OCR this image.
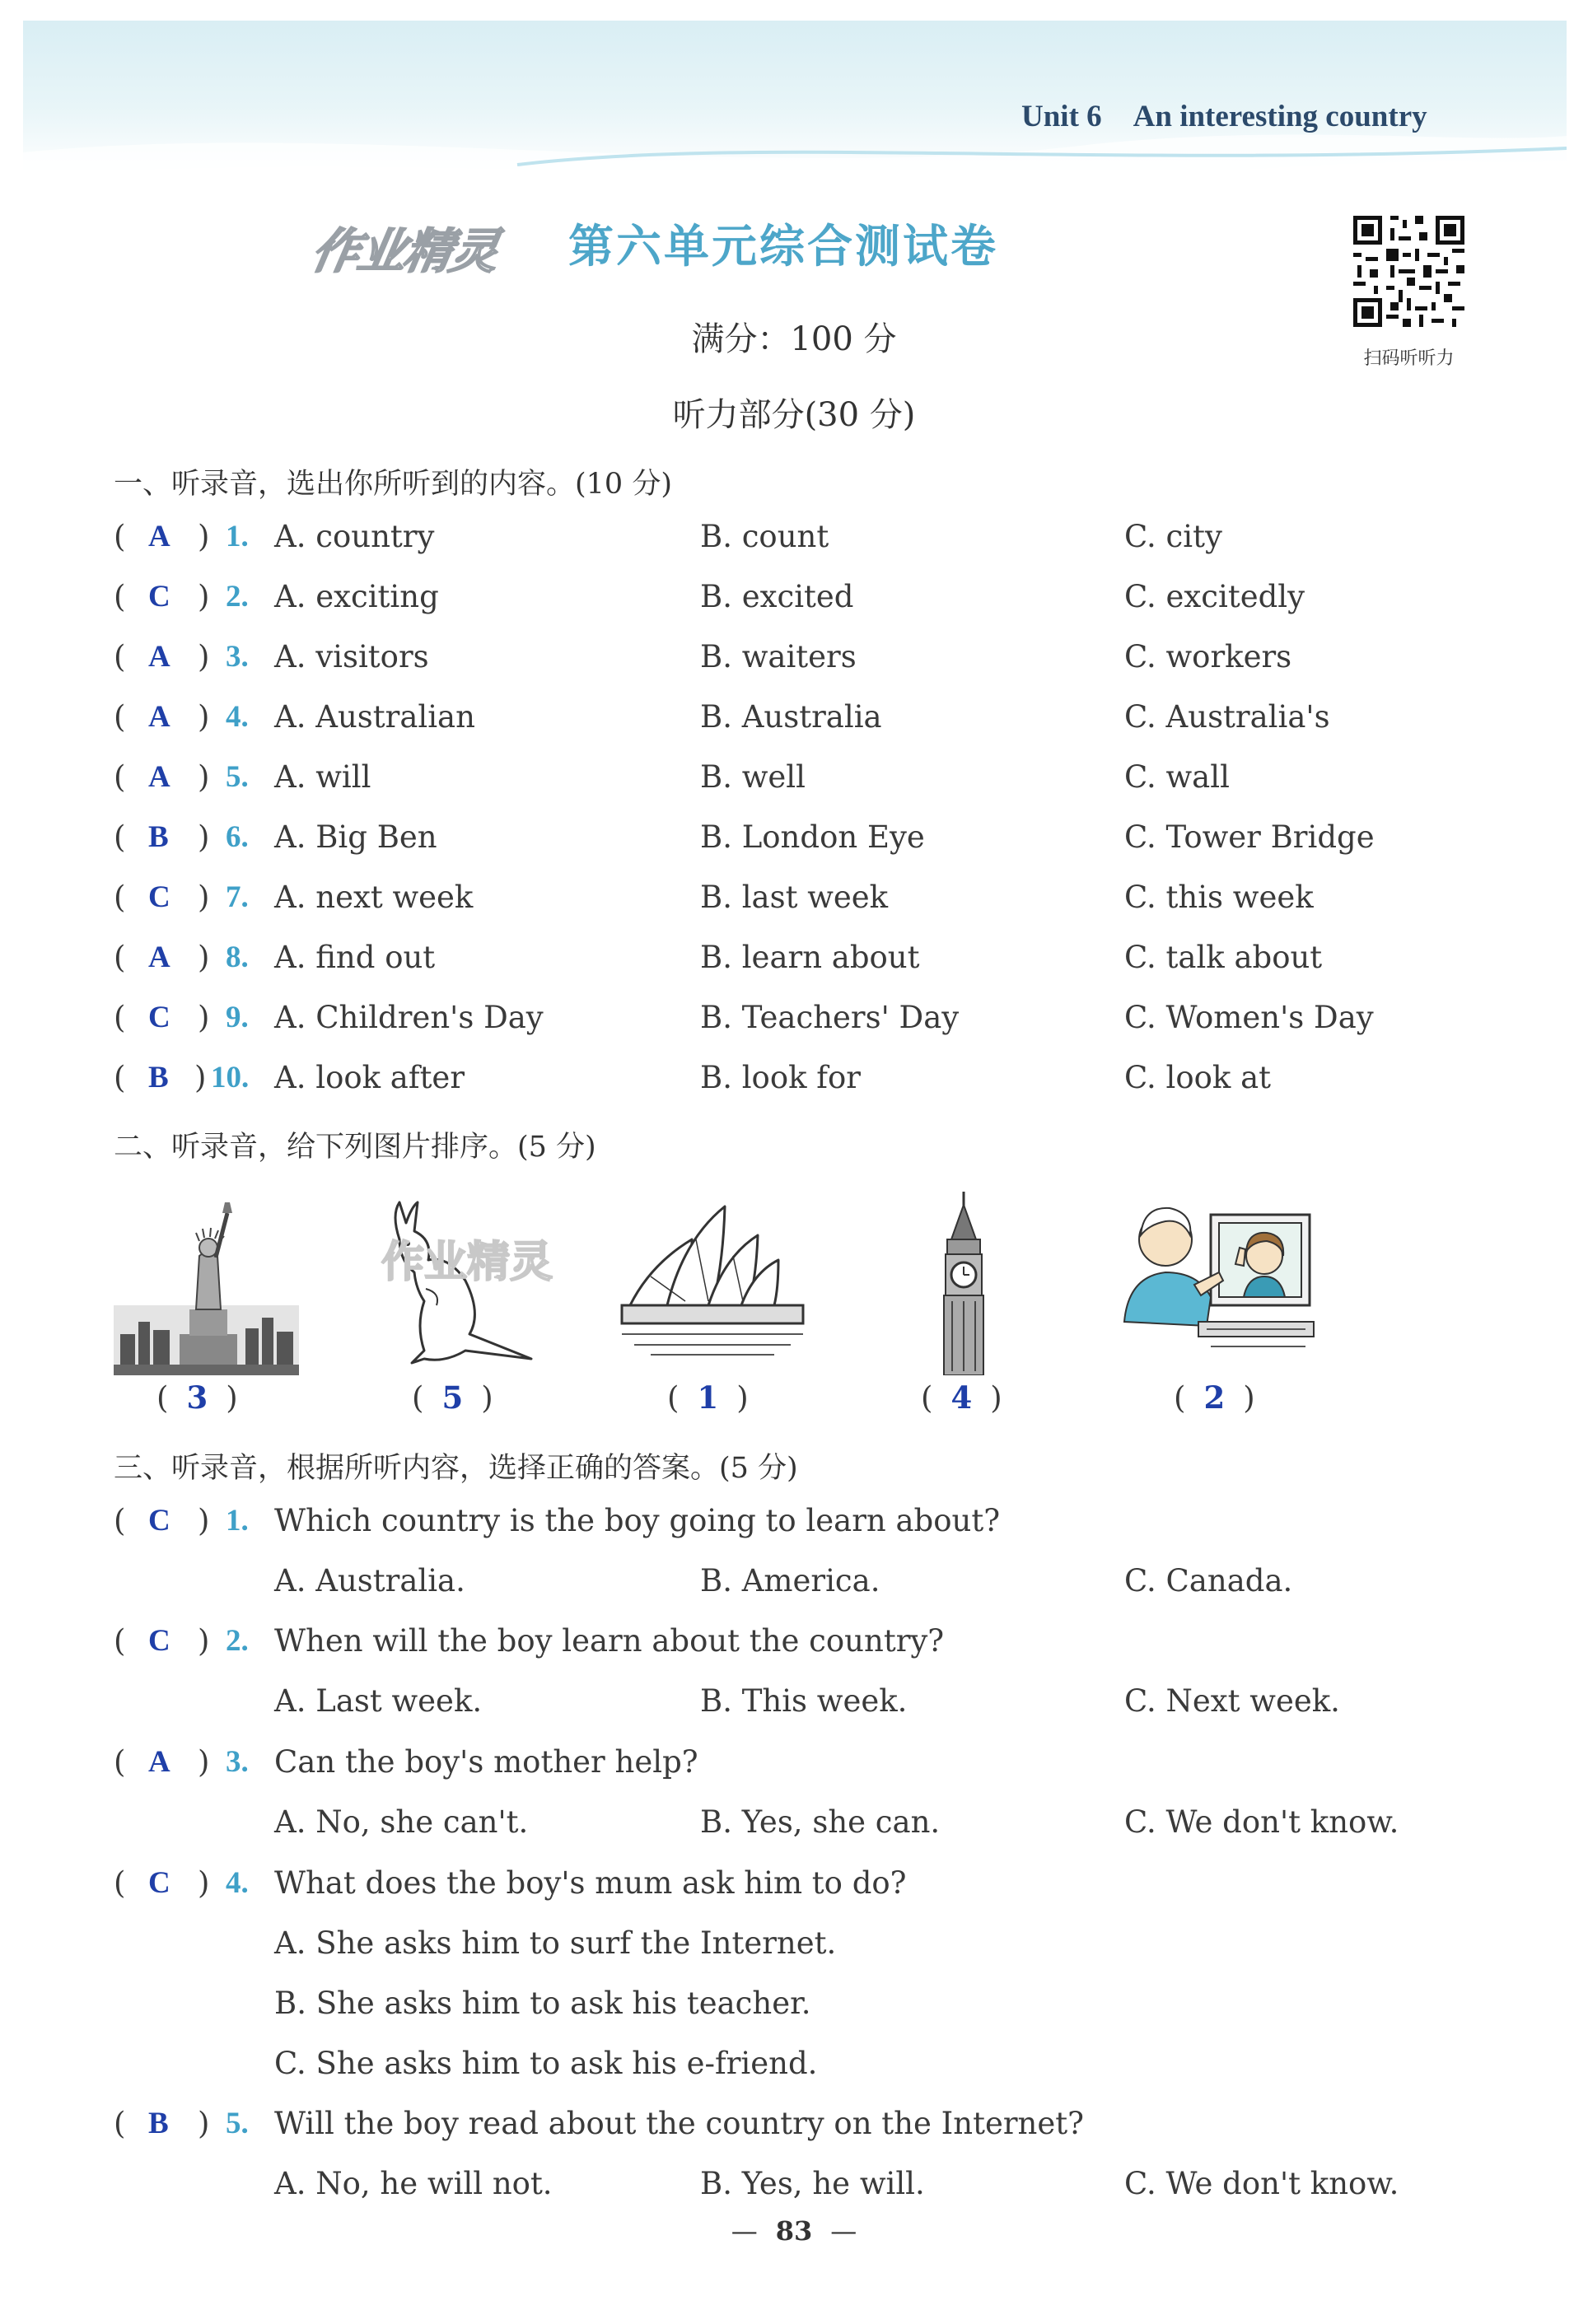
Unit 6 An interesting country
作业精灵 第六单元综合测试卷
扫码听听力
满分：100 分
听力部分(30 分)
一、听录音，选出你所听到的内容。(10 分)
( A ) 1. A. country	B. count	C. city
( C ) 2. A. exciting	B. excited	C. excitedly
( A ) 3. A. visitors	B. waiters	C. workers
( A ) 4. A. Australian	B. Australia	C. Australia's
( A ) 5. A. will	B. well	C. wall
( B ) 6. A. Big Ben	B. London Eye	C. Tower Bridge
( C ) 7. A. next week	B. last week	C. this week
( A ) 8. A. find out	B. learn about	C. talk about
( C ) 9. A. Children's Day	B. Teachers' Day	C. Women's Day
( B ) 10. A. look after	B. look for	C. look at
二、听录音，给下列图片排序。(5 分)
作业精灵
( 3 )	( 5 )	( 1 )	( 4 )	( 2 )
三、听录音，根据所听内容，选择正确的答案。(5 分)
( C ) 1. Which country is the boy going to learn about?
A. Australia.	B. America.	C. Canada.
( C ) 2. When will the boy learn about the country?
A. Last week.	B. This week.	C. Next week.
( A ) 3. Can the boy's mother help?
A. No, she can't.	B. Yes, she can.	C. We don't know.
( C ) 4. What does the boy's mum ask him to do?
A. She asks him to surf the Internet.
B. She asks him to ask his teacher.
C. She asks him to ask his e-friend.
( B ) 5. Will the boy read about the country on the Internet?
A. No, he will not.	B. Yes, he will.	C. We don't know.
— 83 —
